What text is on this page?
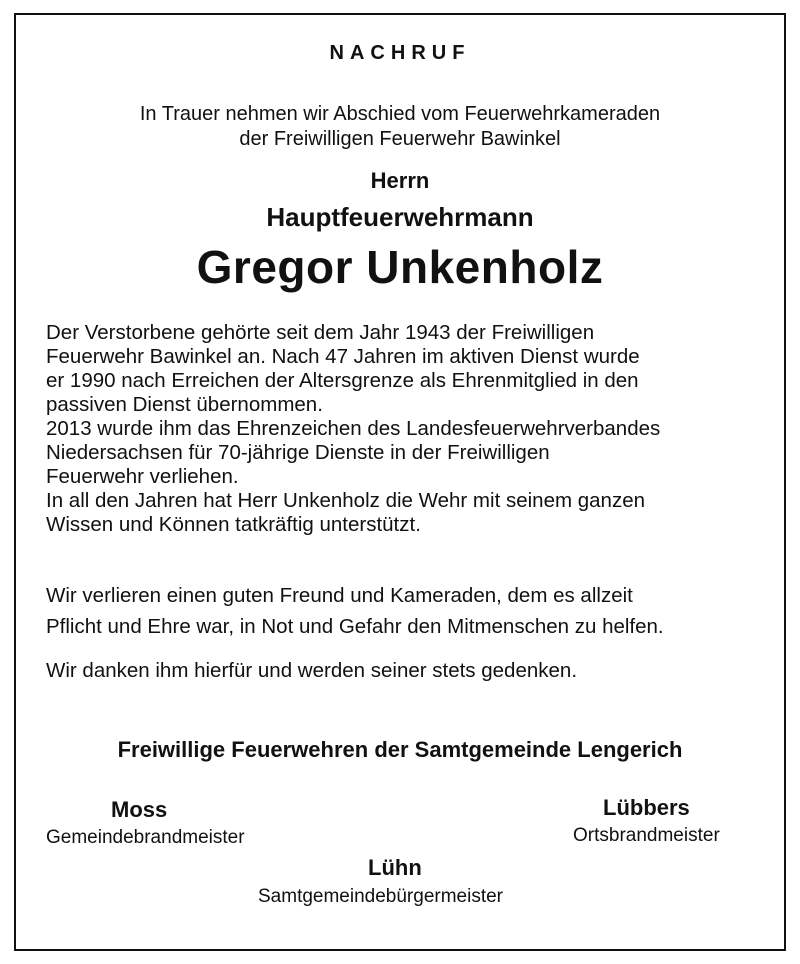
NACHRUF
In Trauer nehmen wir Abschied vom Feuerwehrkameraden
der Freiwilligen Feuerwehr Bawinkel
Herrn
Hauptfeuerwehrmann
Gregor Unkenholz
Der Verstorbene gehörte seit dem Jahr 1943 der Freiwilligen
Feuerwehr Bawinkel an. Nach 47 Jahren im aktiven Dienst wurde
er 1990 nach Erreichen der Altersgrenze als Ehrenmitglied in den
passiven Dienst übernommen.
2013 wurde ihm das Ehrenzeichen des Landesfeuerwehrverbandes
Niedersachsen für 70-jährige Dienste in der Freiwilligen
Feuerwehr verliehen.
In all den Jahren hat Herr Unkenholz die Wehr mit seinem ganzen
Wissen und Können tatkräftig unterstützt.
Wir verlieren einen guten Freund und Kameraden, dem es allzeit
Pflicht und Ehre war, in Not und Gefahr den Mitmenschen zu helfen.
Wir danken ihm hierfür und werden seiner stets gedenken.
Freiwillige Feuerwehren der Samtgemeinde Lengerich
Moss
Gemeindebrandmeister
Lübbers
Ortsbrandmeister
Lühn
Samtgemeindebürgermeister
